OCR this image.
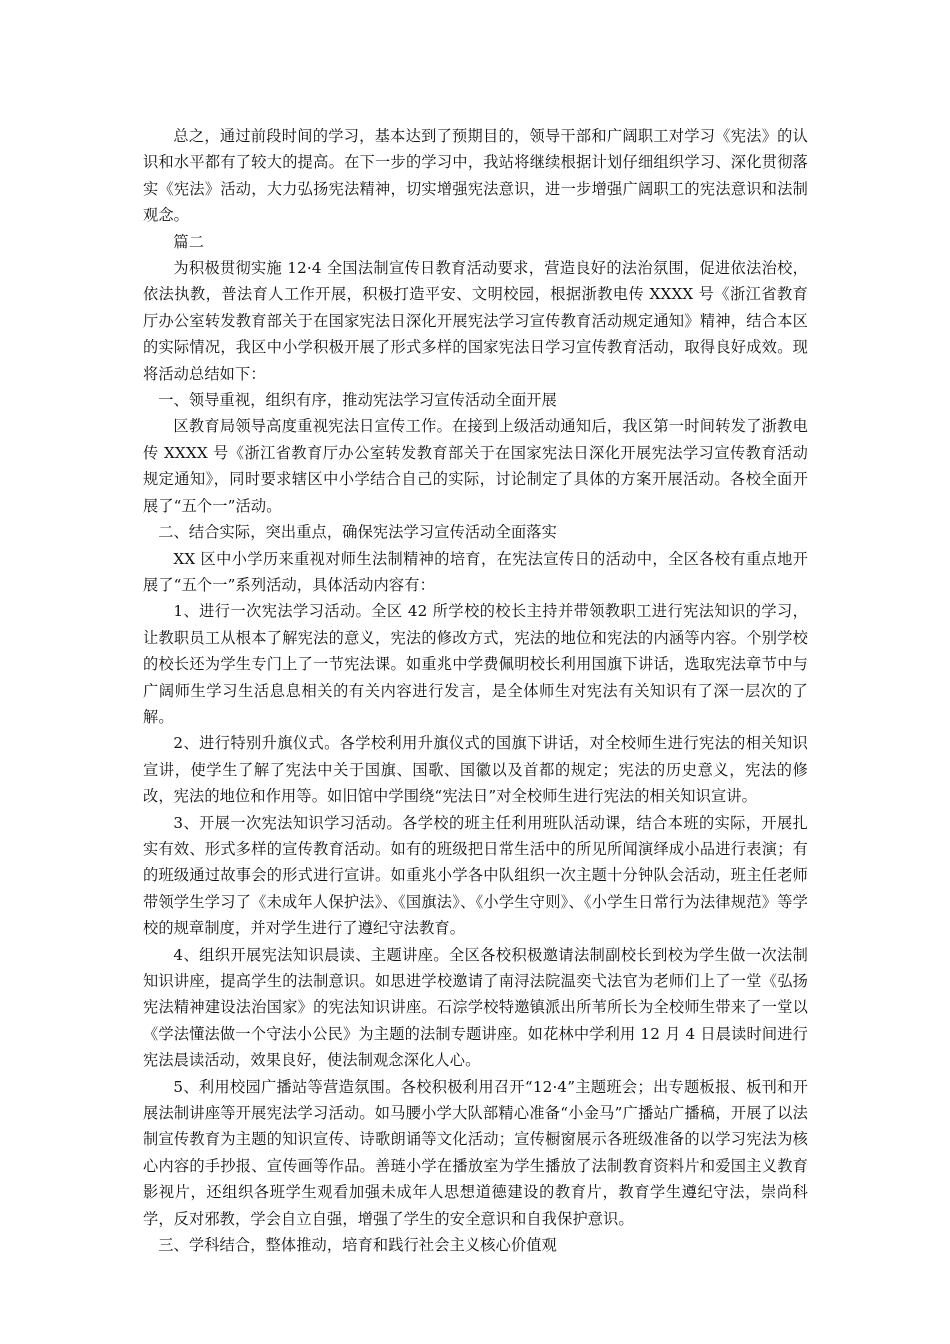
总之，通过前段时间的学习，基本达到了预期目的，领导干部和广阔职工对学习《宪法》的认识和水平都有了较大的提高。在下一步的学习中，我站将继续根据计划仔细组织学习、深化贯彻落实《宪法》活动，大力弘扬宪法精神，切实增强宪法意识，进一步增强广阔职工的宪法意识和法制观念。

篇二

为积极贯彻实施 12·4 全国法制宣传日教育活动要求，营造良好的法治氛围，促进依法治校，依法执教，普法育人工作开展，积极打造平安、文明校园，根据浙教电传 XXXX 号《浙江省教育厅办公室转发教育部关于在国家宪法日深化开展宪法学习宣传教育活动规定通知》精神，结合本区的实际情况，我区中小学积极开展了形式多样的国家宪法日学习宣传教育活动，取得良好成效。现将活动总结如下：

一、领导重视，组织有序，推动宪法学习宣传活动全面开展

区教育局领导高度重视宪法日宣传工作。在接到上级活动通知后，我区第一时间转发了浙教电传 XXXX 号《浙江省教育厅办公室转发教育部关于在国家宪法日深化开展宪法学习宣传教育活动规定通知》，同时要求辖区中小学结合自己的实际，讨论制定了具体的方案开展活动。各校全面开展了“五个一”活动。

二、结合实际，突出重点，确保宪法学习宣传活动全面落实

XX 区中小学历来重视对师生法制精神的培育，在宪法宣传日的活动中，全区各校有重点地开展了“五个一”系列活动，具体活动内容有：

1、进行一次宪法学习活动。全区 42 所学校的校长主持并带领教职工进行宪法知识的学习，让教职员工从根本了解宪法的意义，宪法的修改方式，宪法的地位和宪法的内涵等内容。个别学校的校长还为学生专门上了一节宪法课。如重兆中学费佩明校长利用国旗下讲话，选取宪法章节中与广阔师生学习生活息息相关的有关内容进行发言，是全体师生对宪法有关知识有了深一层次的了解。

2、进行特别升旗仪式。各学校利用升旗仪式的国旗下讲话，对全校师生进行宪法的相关知识宣讲，使学生了解了宪法中关于国旗、国歌、国徽以及首都的规定；宪法的历史意义，宪法的修改，宪法的地位和作用等。如旧馆中学围绕“宪法日”对全校师生进行宪法的相关知识宣讲。

3、开展一次宪法知识学习活动。各学校的班主任利用班队活动课，结合本班的实际，开展扎实有效、形式多样的宣传教育活动。如有的班级把日常生活中的所见所闻演绎成小品进行表演；有的班级通过故事会的形式进行宣讲。如重兆小学各中队组织一次主题十分钟队会活动，班主任老师带领学生学习了《未成年人保护法》、《国旗法》、《小学生守则》、《小学生日常行为法律规范》等学校的规章制度，并对学生进行了遵纪守法教育。

4、组织开展宪法知识晨读、主题讲座。全区各校积极邀请法制副校长到校为学生做一次法制知识讲座，提高学生的法制意识。如思进学校邀请了南浔法院温奕弋法官为老师们上了一堂《弘扬宪法精神建设法治国家》的宪法知识讲座。石淙学校特邀镇派出所苇所长为全校师生带来了一堂以《学法懂法做一个守法小公民》为主题的法制专题讲座。如花林中学利用 12 月 4 日晨读时间进行宪法晨读活动，效果良好，使法制观念深化人心。

5、利用校园广播站等营造氛围。各校积极利用召开“12·4”主题班会；出专题板报、板刊和开展法制讲座等开展宪法学习活动。如马腰小学大队部精心准备“小金马”广播站广播稿，开展了以法制宣传教育为主题的知识宣传、诗歌朗诵等文化活动；宣传橱窗展示各班级准备的以学习宪法为核心内容的手抄报、宣传画等作品。善琏小学在播放室为学生播放了法制教育资料片和爱国主义教育影视片，还组织各班学生观看加强未成年人思想道德建设的教育片，教育学生遵纪守法，崇尚科学，反对邪教，学会自立自强，增强了学生的安全意识和自我保护意识。

三、学科结合，整体推动，培育和践行社会主义核心价值观
